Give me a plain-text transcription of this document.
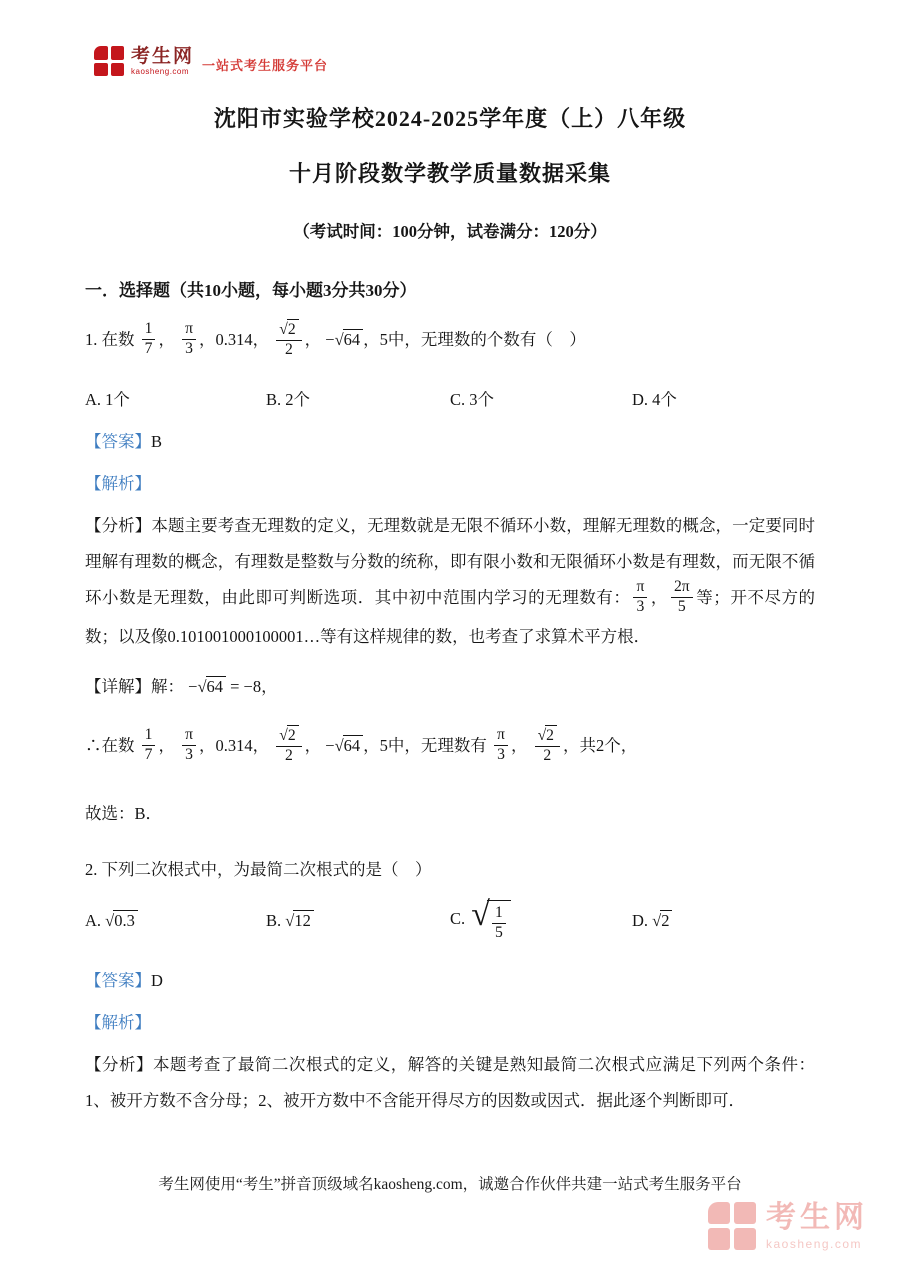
考生网
kaosheng.com 一站式考生服务平台
沈阳市实验学校2024-2025学年度（上）八年级
十月阶段数学教学质量数据采集
（考试时间：100分钟，试卷满分：120分）
一．选择题（共10小题，每小题3分共30分）
1. 在数 $\frac{1}{7}$ ， $\frac{\pi}{3}$ ，0.314， $\frac{√2}{2}$ ， −√64 ，5中，无理数的个数有（　）
A. 1个	B. 2个	C. 3个	D. 4个
【答案】B
【解析】

【分析】本题主要考查无理数的定义，无理数就是无限不循环小数，理解无理数的概念，一定要同时理解有理数的概念，有理数是整数与分数的统称，即有限小数和无限循环小数是有理数，而无限不循环小数是无理数，由此即可判断选项．其中初中范围内学习的无理数有： $\frac{\pi}{3}$ ， $\frac{2\pi}{5}$ 等；开不尽方的数；以及像0.101001000100001…等有这样规律的数，也考查了求算术平方根．

【详解】解： −√64 = −8，

∴在数 $\frac{1}{7}$ ， $\frac{\pi}{3}$ ，0.314， $\frac{√2}{2}$ ， −√64 ，5中，无理数有 $\frac{\pi}{3}$ ， $\frac{√2}{2}$ ，共2个，

故选：B．

2. 下列二次根式中，为最简二次根式的是（　）
A. √0.3	B. √12	C. √ $\frac{1}{5}$	D. √2
【答案】D
【解析】

【分析】本题考查了最简二次根式的定义，解答的关键是熟知最简二次根式应满足下列两个条件：1、被开方数不含分母；2、被开方数中不含能开得尽方的因数或因式．据此逐个判断即可．

考生网使用“考生”拼音顶级域名kaosheng.com，诚邀合作伙伴共建一站式考生服务平台
考生网
kaosheng.com
